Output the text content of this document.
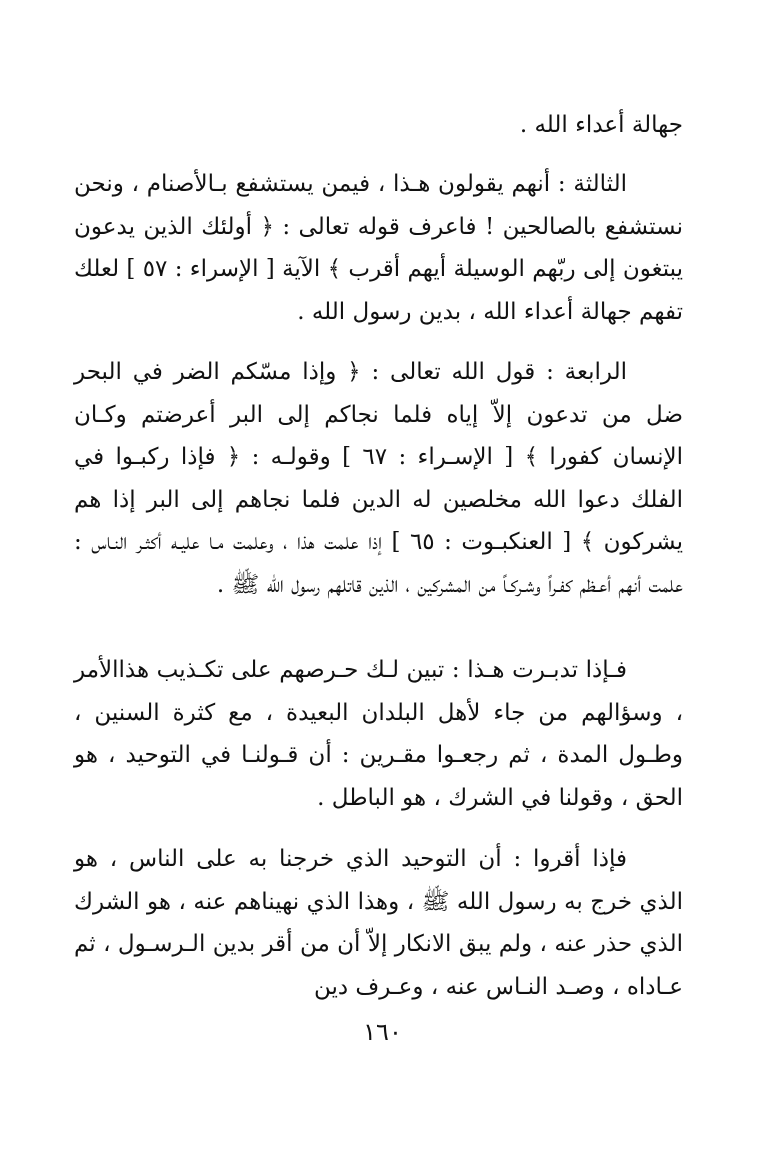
جهالة أعداء الله .
الثالثة : أنهم يقولون هـذا ، فيمن يستشفع بـالأصنام ، ونحن نستشفع بالصالحين ! فاعرف قوله تعالى : ﴿ أولئك الذين يدعون يبتغون إلى ربّهم الوسيلة أيهم أقرب ﴾ الآية [ الإسراء : ٥٧ ] لعلك تفهم جهالة أعداء الله ، بدين رسول الله .
الرابعة : قول الله تعالى : ﴿ وإذا مسّكم الضر في البحر ضل من تدعون إلاّ إياه فلما نجاكم إلى البر أعرضتم وكـان الإنسان كفورا ﴾ [ الإسـراء : ٦٧ ] وقولـه : ﴿ فإذا ركبـوا في الفلك دعوا الله مخلصين له الدين فلما نجاهم إلى البر إذا هم يشركون ﴾ [ العنكبـوت : ٦٥ ] إذا علمت هذا ، وعلمت مـا عليـه أكثـر النـاس : علمت أنهم أعـظم كفـراً وشـركـاً من المشركين ، الذين قاتلهم رسول الله ﷺ .
فـإذا تدبـرت هـذا : تبين لـك حـرصهم على تكـذيب هذاالأمر ، وسؤالهم من جاء لأهل البلدان البعيدة ، مع كثرة السنين ، وطـول المدة ، ثم رجعـوا مقـرين : أن قـولنـا في التوحيد ، هو الحق ، وقولنا في الشرك ، هو الباطل .
فإذا أقروا : أن التوحيد الذي خرجنا به على الناس ، هو الذي خرج به رسول الله ﷺ ، وهذا الذي نهيناهم عنه ، هو الشرك الذي حذر عنه ، ولم يبق الانكار إلاّ أن من أقر بدين الـرسـول ، ثم عـاداه ، وصـد النـاس عنه ، وعـرف دين
١٦٠
